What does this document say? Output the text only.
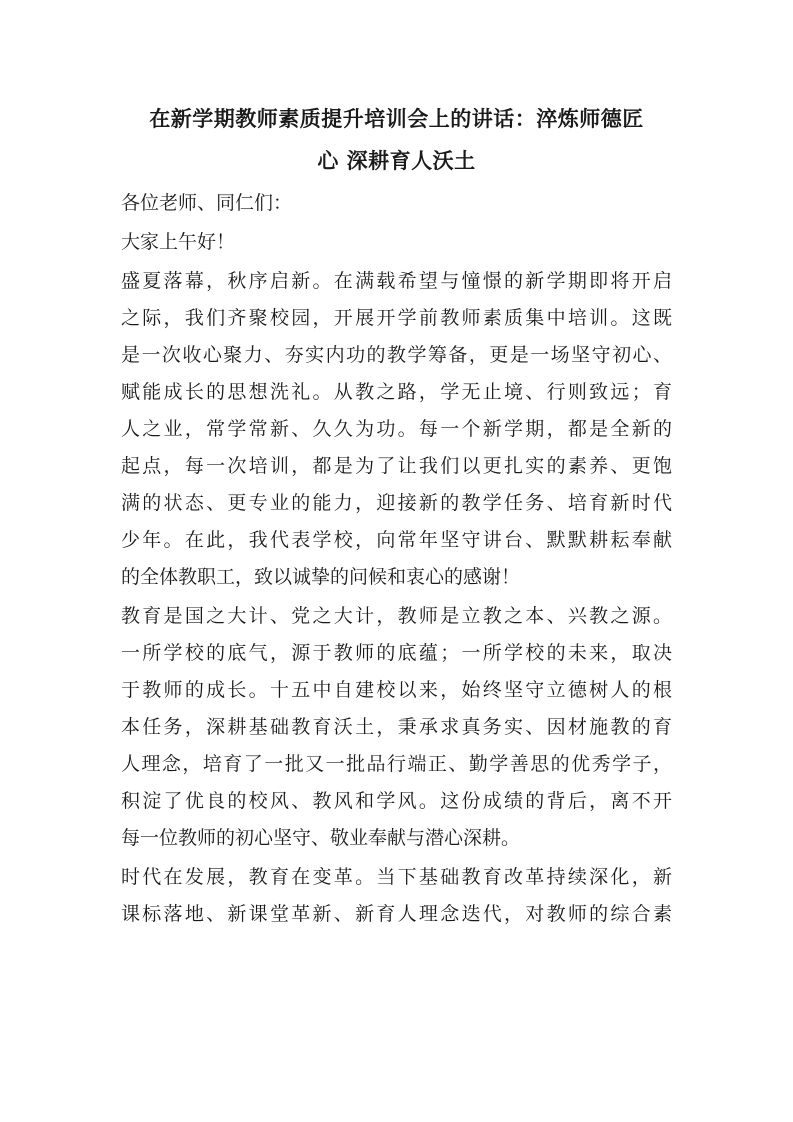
在新学期教师素质提升培训会上的讲话：淬炼师德匠
心 深耕育人沃土

各位老师、同仁们：

大家上午好！

盛夏落幕，秋序启新。在满载希望与憧憬的新学期即将开启
之际，我们齐聚校园，开展开学前教师素质集中培训。这既
是一次收心聚力、夯实内功的教学筹备，更是一场坚守初心、
赋能成长的思想洗礼。从教之路，学无止境、行则致远；育
人之业，常学常新、久久为功。每一个新学期，都是全新的
起点，每一次培训，都是为了让我们以更扎实的素养、更饱
满的状态、更专业的能力，迎接新的教学任务、培育新时代
少年。在此，我代表学校，向常年坚守讲台、默默耕耘奉献
的全体教职工，致以诚挚的问候和衷心的感谢！
教育是国之大计、党之大计，教师是立教之本、兴教之源。
一所学校的底气，源于教师的底蕴；一所学校的未来，取决
于教师的成长。十五中自建校以来，始终坚守立德树人的根
本任务，深耕基础教育沃土，秉承求真务实、因材施教的育
人理念，培育了一批又一批品行端正、勤学善思的优秀学子，
积淀了优良的校风、教风和学风。这份成绩的背后，离不开
每一位教师的初心坚守、敬业奉献与潜心深耕。
时代在发展，教育在变革。当下基础教育改革持续深化，新
课标落地、新课堂革新、新育人理念迭代，对教师的综合素
